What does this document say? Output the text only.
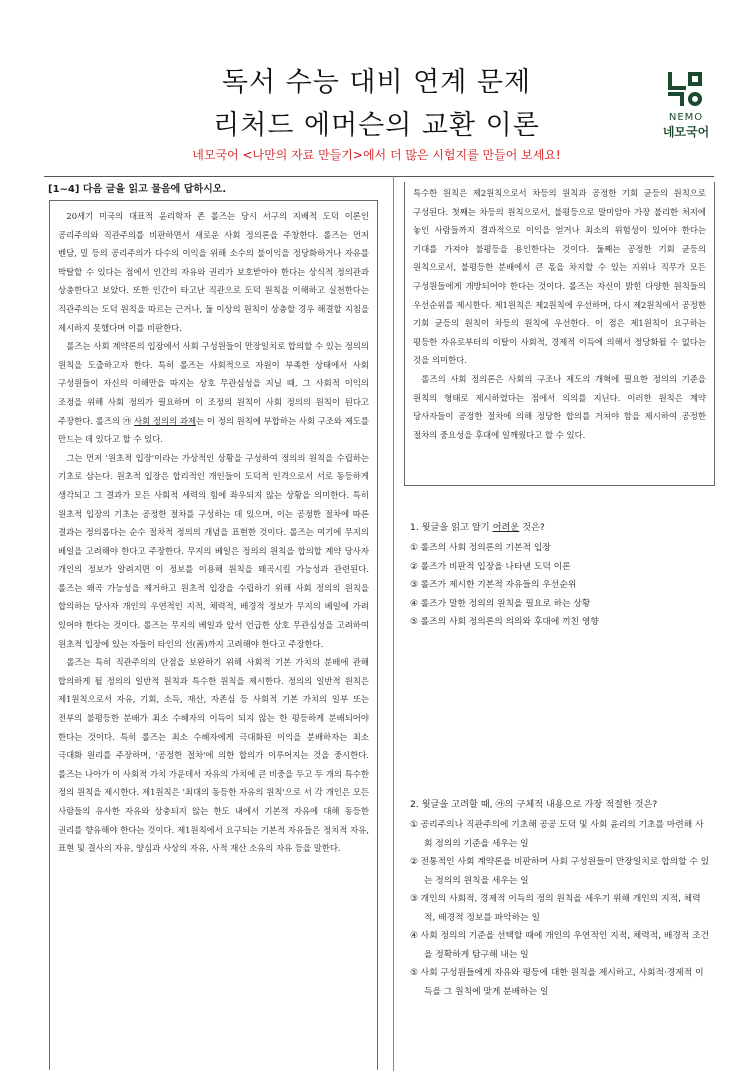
독서 수능 대비 연계 문제
리처드 에머슨의 교환 이론	NEMO
네모국어
네모국어 <나만의 자료 만들기>에서 더 많은 시험지를 만들어 보세요!
[1~4] 다음 글을 읽고 물음에 답하시오.

20세기 미국의 대표적 윤리학자 존 롤즈는 당시 서구의 지배적 도덕 이론인 공리주의와 직관주의를 비판하면서 새로운 사회 정의론을 주창한다. 롤즈는 먼저 벤담, 밀 등의 공리주의가 다수의 이익을 위해 소수의 불이익을 정당화하거나 자유를 박탈할 수 있다는 점에서 인간의 자유와 권리가 보호받아야 한다는 상식적 정의관과 상충한다고 보았다. 또한 인간이 타고난 직관으로 도덕 원칙을 이해하고 실천한다는 직관주의는 도덕 원칙을 따르는 근거나, 둘 이상의 원칙이 상충할 경우 해결할 지침을 제시하지 못했다며 이를 비판한다.

롤즈는 사회 계약론의 입장에서 사회 구성원들이 만장일치로 합의할 수 있는 정의의 원칙을 도출하고자 한다. 특히 롤즈는 사회적으로 자원이 부족한 상태에서 사회 구성원들이 자신의 이해만을 따지는 상호 무관심성을 지닐 때, 그 사회적 이익의 조정을 위해 사회 정의가 필요하며 이 조정의 원칙이 사회 정의의 원칙이 된다고 주장한다. 롤즈의 ㉮ 사회 정의의 과제는 이 정의 원칙에 부합하는 사회 구조와 제도를 만드는 데 있다고 할 수 있다.

그는 먼저 '원초적 입장'이라는 가상적인 상황을 구성하여 정의의 원칙을 수립하는 기초로 삼는다. 원초적 입장은 합리적인 개인들이 도덕적 인격으로서 서로 동등하게 생각되고 그 결과가 모든 사회적 세력의 힘에 좌우되지 않는 상황을 의미한다. 특히 원초적 입장의 기초는 공정한 절차를 구성하는 데 있으며, 이는 공정한 절차에 따른 결과는 정의롭다는 순수 절차적 정의의 개념을 표현한 것이다. 롤즈는 여기에 무지의 베일을 고려해야 한다고 주장한다. 무지의 베일은 정의의 원칙을 합의할 계약 당사자 개인의 정보가 알려지면 이 정보를 이용해 원칙을 왜곡시킬 가능성과 관련된다. 롤즈는 왜곡 가능성을 제거하고 원초적 입장을 수립하기 위해 사회 정의의 원칙을 합의하는 당사자 개인의 우연적인 지적, 체력적, 배경적 정보가 무지의 베일에 가려 있어야 한다는 것이다. 롤즈는 무지의 베일과 앞서 언급한 상호 무관심성을 고려하여 원초적 입장에 있는 자들이 타인의 선(善)까지 고려해야 한다고 주장한다.

롤즈는 특히 직관주의의 단점을 보완하기 위해 사회적 기본 가치의 분배에 관해 합의하게 될 정의의 일반적 원칙과 특수한 원칙을 제시한다. 정의의 일반적 원칙은 제1원칙으로서 자유, 기회, 소득, 재산, 자존심 등 사회적 기본 가치의 일부 또는 전부의 불평등한 분배가 최소 수혜자의 이득이 되지 않는 한 평등하게 분배되어야 한다는 것이다. 특히 롤즈는 최소 수혜자에게 극대화된 이익을 분배하자는 최소 극대화 원리를 주장하며, '공정한 절차'에 의한 합의가 이루어지는 것을 중시한다. 롤즈는 나아가 이 사회적 가치 가운데서 자유의 가치에 큰 비중을 두고 두 개의 특수한 정의 원칙을 제시한다. 제1원칙은 '최대의 동등한 자유의 원칙'으로 서 각 개인은 모든 사람들의 유사한 자유와 상충되지 않는 한도 내에서 기본적 자유에 대해 동등한 권리를 향유해야 한다는 것이다. 제1원칙에서 요구되는 기본적 자유들은 정치적 자유, 표현 및 결사의 자유, 양심과 사상의 자유, 사적 재산 소유의 자유 등을 말한다.

특수한 원칙은 제2원칙으로서 차등의 원칙과 공정한 기회 균등의 원칙으로 구성된다. 첫째는 차등의 원칙으로서, 불평등으로 말미암아 가장 불리한 처지에 놓인 사람들까지 결과적으로 이익을 얻거나 최소의 위험성이 있어야 한다는 기대를 가져야 불평등을 용인한다는 것이다. 둘째는 공정한 기회 균등의 원칙으로서, 불평등한 분배에서 큰 몫을 차지할 수 있는 지위나 직무가 모든 구성원들에게 개방되어야 한다는 것이다. 롤즈는 자신이 밝힌 다양한 원칙들의 우선순위를 제시한다. 제1원칙은 제2원칙에 우선하며, 다시 제2원칙에서 공정한 기회 균등의 원칙이 차등의 원칙에 우선한다. 이 점은 제1원칙이 요구하는 평등한 자유로부터의 이탈이 사회적, 경제적 이득에 의해서 정당화될 수 없다는 것을 의미한다.

롤즈의 사회 정의론은 사회의 구조나 제도의 개혁에 필요한 정의의 기준을 원칙의 형태로 제시하였다는 점에서 의의를 지닌다. 이러한 원칙은 계약 당사자들이 공정한 절차에 의해 정당한 합의를 거쳐야 함을 제시하여 공정한 절차의 중요성을 후대에 일깨웠다고 할 수 있다.

1. 윗글을 읽고 알기 어려운 것은?
① 롤즈의 사회 정의론의 기본적 입장
② 롤즈가 비판적 입장을 나타낸 도덕 이론
③ 롤즈가 제시한 기본적 자유들의 우선순위
④ 롤즈가 말한 정의의 원칙을 필요로 하는 상황
⑤ 롤즈의 사회 정의론의 의의와 후대에 끼친 영향
2. 윗글을 고려할 때, ㉮의 구체적 내용으로 가장 적절한 것은?
① 공리주의나 직관주의에 기초해 공공 도덕 및 사회 윤리의 기초를 마련해 사회 정의의 기준을 세우는 일
② 전통적인 사회 계약론을 비판하며 사회 구성원들이 만장일치로 합의할 수 있는 정의의 원칙을 세우는 일
③ 개인의 사회적, 경제적 이득의 정의 원칙을 세우기 위해 개인의 지적, 체력적, 배경적 정보를 파악하는 일
④ 사회 정의의 기준을 선택할 때에 개인의 우연적인 지적, 체력적, 배경적 조건을 정확하게 탐구해 내는 일
⑤ 사회 구성원들에게 자유와 평등에 대한 원칙을 제시하고, 사회적·경제적 이득을 그 원칙에 맞게 분배하는 일
